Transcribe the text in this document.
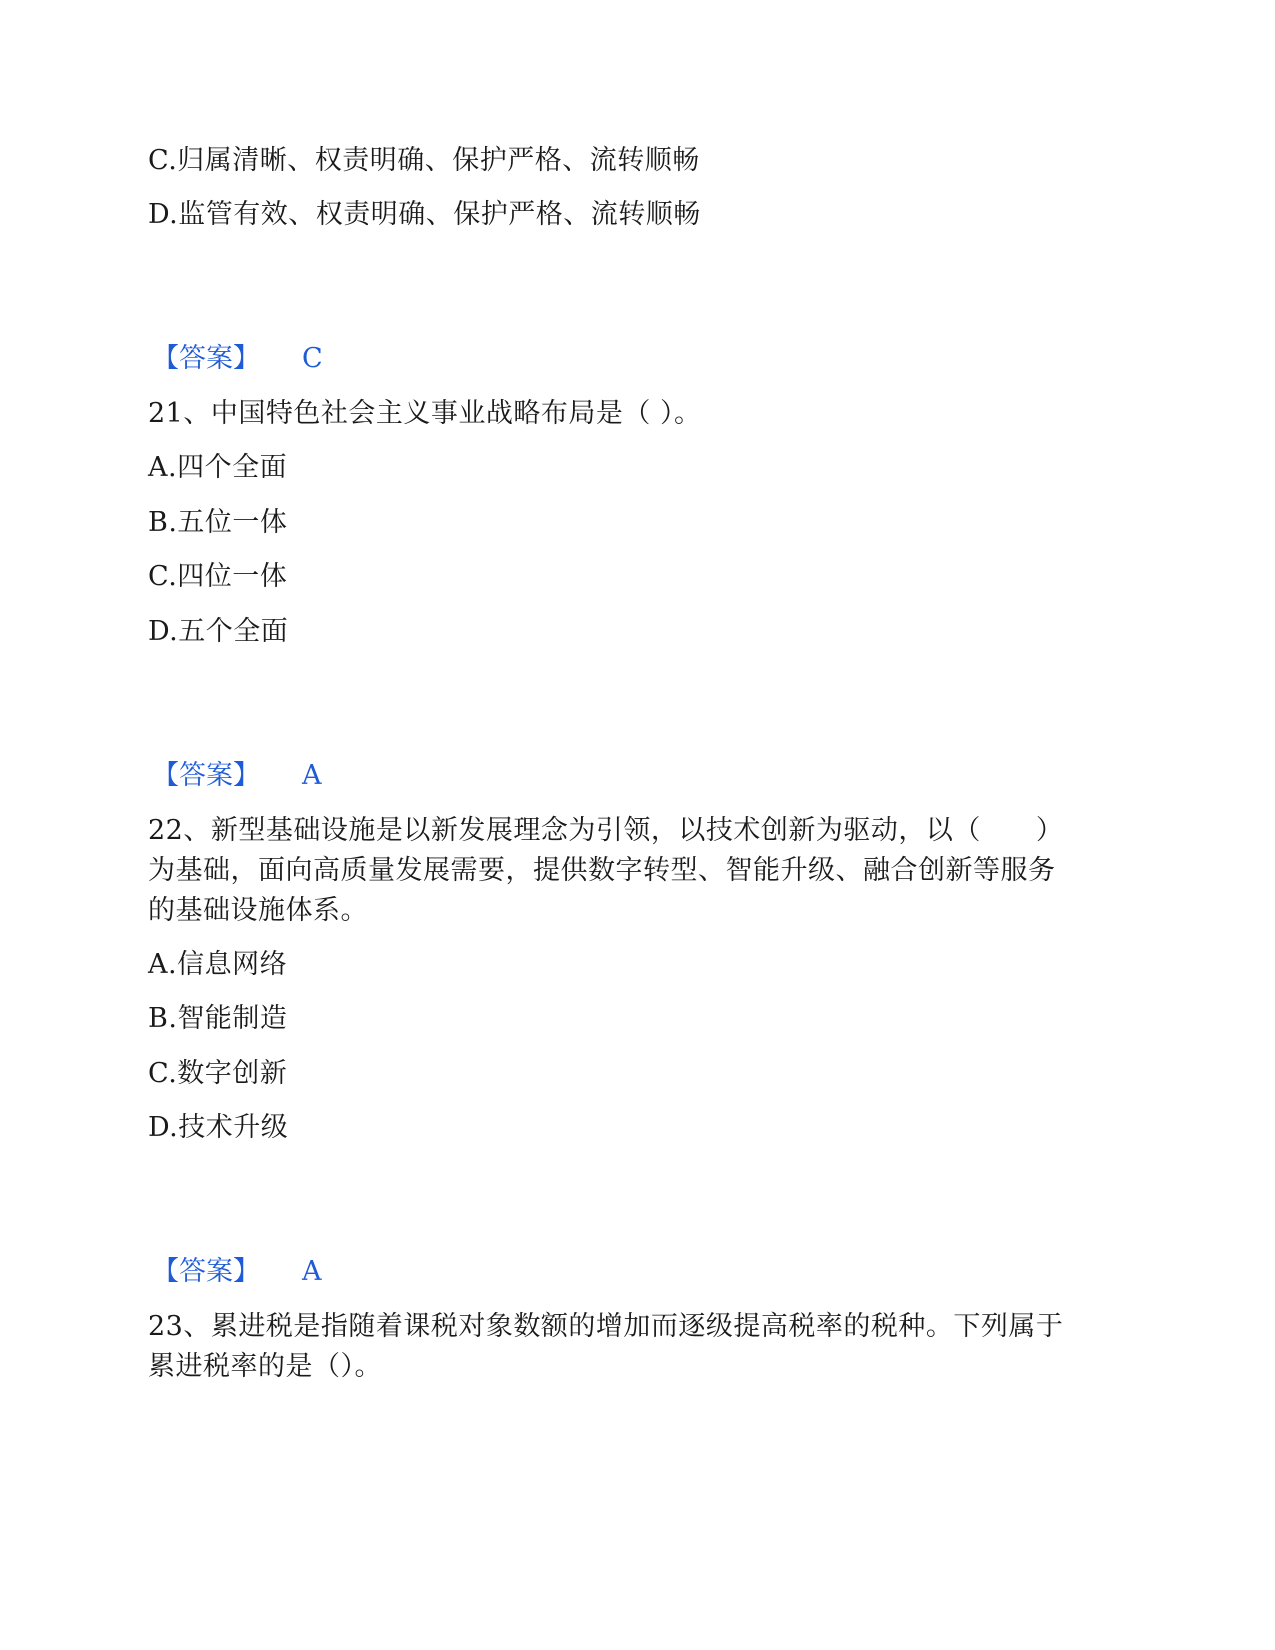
C.归属清晰、权责明确、保护严格、流转顺畅
D.监管有效、权责明确、保护严格、流转顺畅
【答案】 C
21、中国特色社会主义事业战略布局是（ ）。
A.四个全面
B.五位一体
C.四位一体
D.五个全面
【答案】 A
22、新型基础设施是以新发展理念为引领，以技术创新为驱动，以（　　）
为基础，面向高质量发展需要，提供数字转型、智能升级、融合创新等服务
的基础设施体系。
A.信息网络
B.智能制造
C.数字创新
D.技术升级
【答案】 A
23、累进税是指随着课税对象数额的增加而逐级提高税率的税种。下列属于
累进税率的是（）。
